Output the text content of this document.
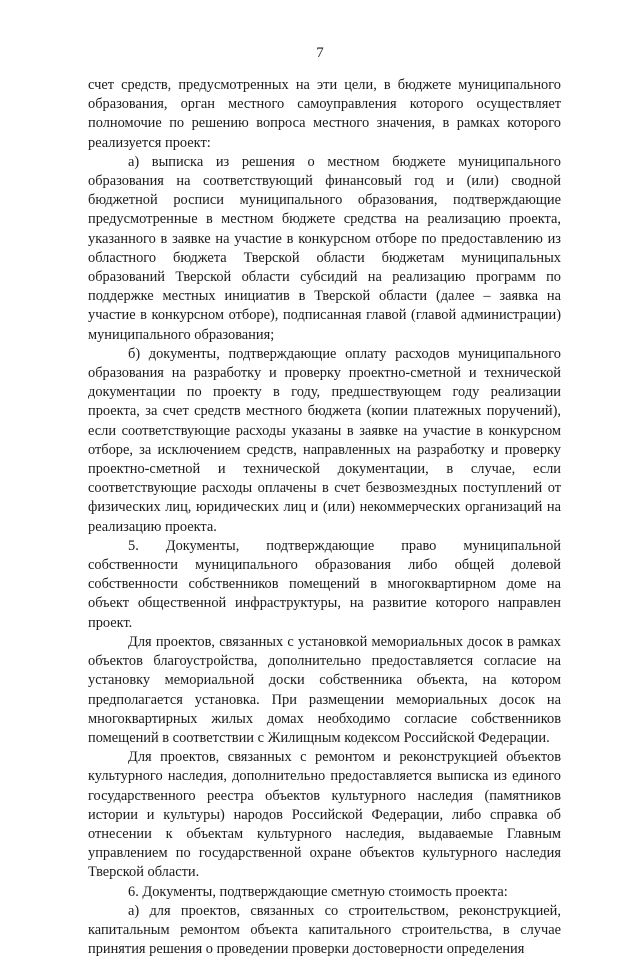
7

счет средств, предусмотренных на эти цели, в бюджете муниципального образования, орган местного самоуправления которого осуществляет полномочие по решению вопроса местного значения, в рамках которого реализуется проект:

а) выписка из решения о местном бюджете муниципального образования на соответствующий финансовый год и (или) сводной бюджетной росписи муниципального образования, подтверждающие предусмотренные в местном бюджете средства на реализацию проекта, указанного в заявке на участие в конкурсном отборе по предоставлению из областного бюджета Тверской области бюджетам муниципальных образований Тверской области субсидий на реализацию программ по поддержке местных инициатив в Тверской области (далее – заявка на участие в конкурсном отборе), подписанная главой (главой администрации) муниципального образования;

б) документы, подтверждающие оплату расходов муниципального образования на разработку и проверку проектно-сметной и технической документации по проекту в году, предшествующем году реализации проекта, за счет средств местного бюджета (копии платежных поручений), если соответствующие расходы указаны в заявке на участие в конкурсном отборе, за исключением средств, направленных на разработку и проверку проектно-сметной и технической документации, в случае, если соответствующие расходы оплачены в счет безвозмездных поступлений от физических лиц, юридических лиц и (или) некоммерческих организаций на реализацию проекта.

5. Документы, подтверждающие право муниципальной собственности муниципального образования либо общей долевой собственности собственников помещений в многоквартирном доме на объект общественной инфраструктуры, на развитие которого направлен проект.

Для проектов, связанных с установкой мемориальных досок в рамках объектов благоустройства, дополнительно предоставляется согласие на установку мемориальной доски собственника объекта, на котором предполагается установка. При размещении мемориальных досок на многоквартирных жилых домах необходимо согласие собственников помещений в соответствии с Жилищным кодексом Российской Федерации.

Для проектов, связанных с ремонтом и реконструкцией объектов культурного наследия, дополнительно предоставляется выписка из единого государственного реестра объектов культурного наследия (памятников истории и культуры) народов Российской Федерации, либо справка об отнесении к объектам культурного наследия, выдаваемые Главным управлением по государственной охране объектов культурного наследия Тверской области.

6. Документы, подтверждающие сметную стоимость проекта:

а) для проектов, связанных со строительством, реконструкцией, капитальным ремонтом объекта капитального строительства, в случае принятия решения о проведении проверки достоверности определения
